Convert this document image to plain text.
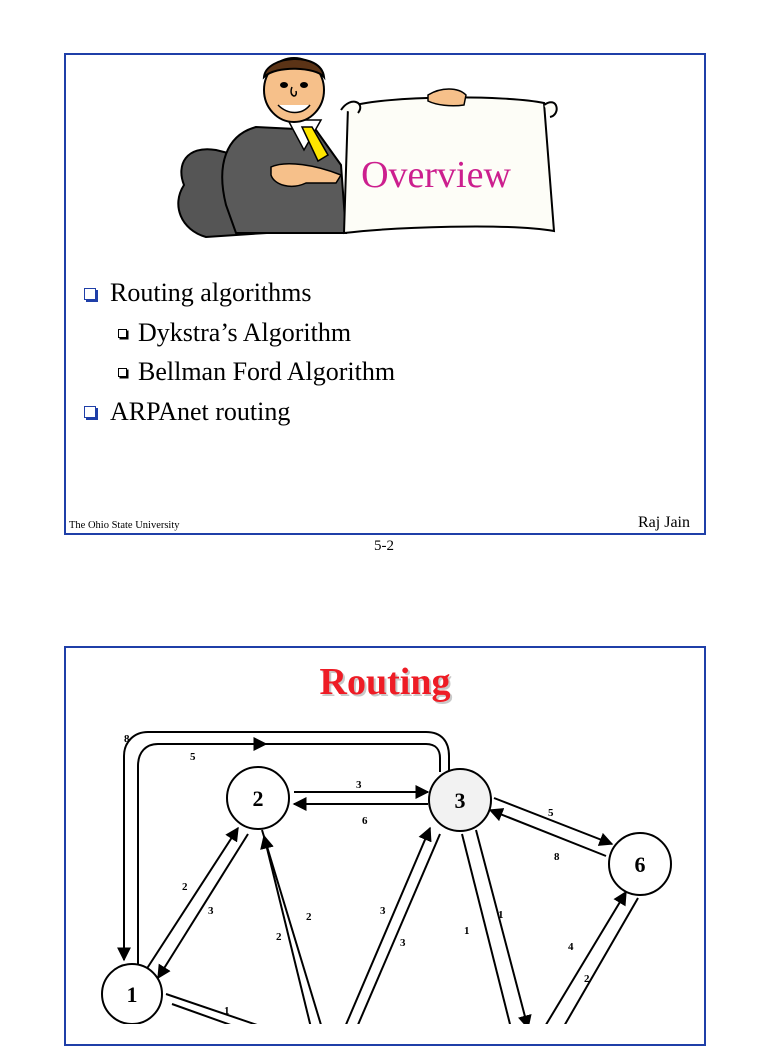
Overview
Routing algorithms
Dykstra’s Algorithm
Bellman Ford Algorithm
ARPAnet routing
The Ohio State University	Raj Jain
5-2
Routing
1
2	3
6
8
5
3
6
5
8
2
3	2
2
3
3
1
1
4
2
1
